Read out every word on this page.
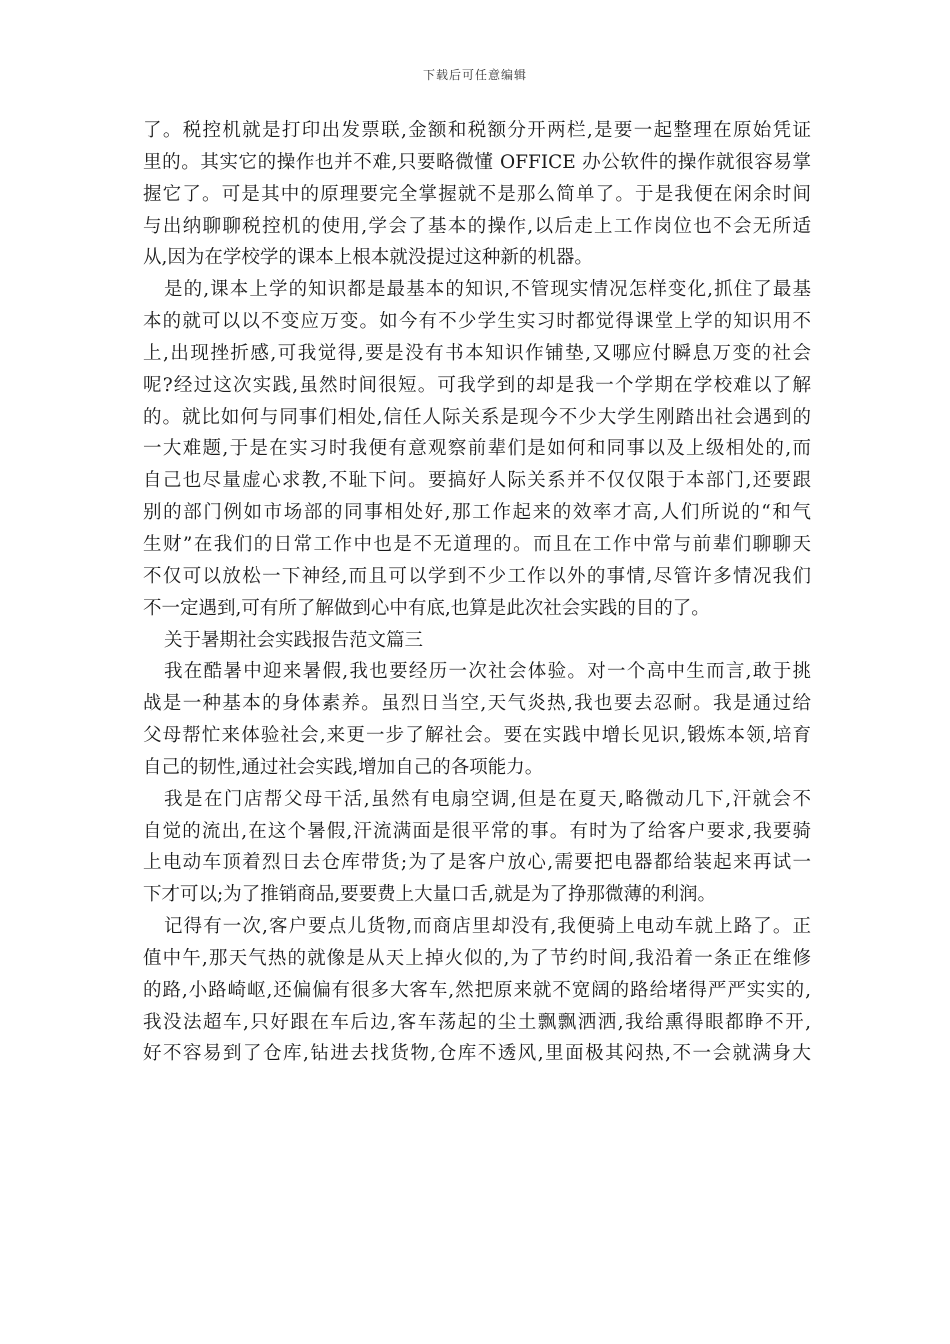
下载后可任意编辑
了。税控机就是打印出发票联,金额和税额分开两栏,是要一起整理在原始凭证
里的。其实它的操作也并不难,只要略微懂 OFFICE 办公软件的操作就很容易掌
握它了。可是其中的原理要完全掌握就不是那么简单了。于是我便在闲余时间
与出纳聊聊税控机的使用,学会了基本的操作,以后走上工作岗位也不会无所适
从,因为在学校学的课本上根本就没提过这种新的机器。
是的,课本上学的知识都是最基本的知识,不管现实情况怎样变化,抓住了最基
本的就可以以不变应万变。如今有不少学生实习时都觉得课堂上学的知识用不
上,出现挫折感,可我觉得,要是没有书本知识作铺垫,又哪应付瞬息万变的社会
呢?经过这次实践,虽然时间很短。可我学到的却是我一个学期在学校难以了解
的。就比如何与同事们相处,信任人际关系是现今不少大学生刚踏出社会遇到的
一大难题,于是在实习时我便有意观察前辈们是如何和同事以及上级相处的,而
自己也尽量虚心求教,不耻下问。要搞好人际关系并不仅仅限于本部门,还要跟
别的部门例如市场部的同事相处好,那工作起来的效率才高,人们所说的“和气
生财”在我们的日常工作中也是不无道理的。而且在工作中常与前辈们聊聊天
不仅可以放松一下神经,而且可以学到不少工作以外的事情,尽管许多情况我们
不一定遇到,可有所了解做到心中有底,也算是此次社会实践的目的了。
关于暑期社会实践报告范文篇三
我在酷暑中迎来暑假,我也要经历一次社会体验。对一个高中生而言,敢于挑
战是一种基本的身体素养。虽烈日当空,天气炎热,我也要去忍耐。我是通过给
父母帮忙来体验社会,来更一步了解社会。要在实践中增长见识,锻炼本领,培育
自己的韧性,通过社会实践,增加自己的各项能力。
我是在门店帮父母干活,虽然有电扇空调,但是在夏天,略微动几下,汗就会不
自觉的流出,在这个暑假,汗流满面是很平常的事。有时为了给客户要求,我要骑
上电动车顶着烈日去仓库带货;为了是客户放心,需要把电器都给装起来再试一
下才可以;为了推销商品,要要费上大量口舌,就是为了挣那微薄的利润。
记得有一次,客户要点儿货物,而商店里却没有,我便骑上电动车就上路了。正
值中午,那天气热的就像是从天上掉火似的,为了节约时间,我沿着一条正在维修
的路,小路崎岖,还偏偏有很多大客车,然把原来就不宽阔的路给堵得严严实实的,
我没法超车,只好跟在车后边,客车荡起的尘土飘飘洒洒,我给熏得眼都睁不开,
好不容易到了仓库,钻进去找货物,仓库不透风,里面极其闷热,不一会就满身大
